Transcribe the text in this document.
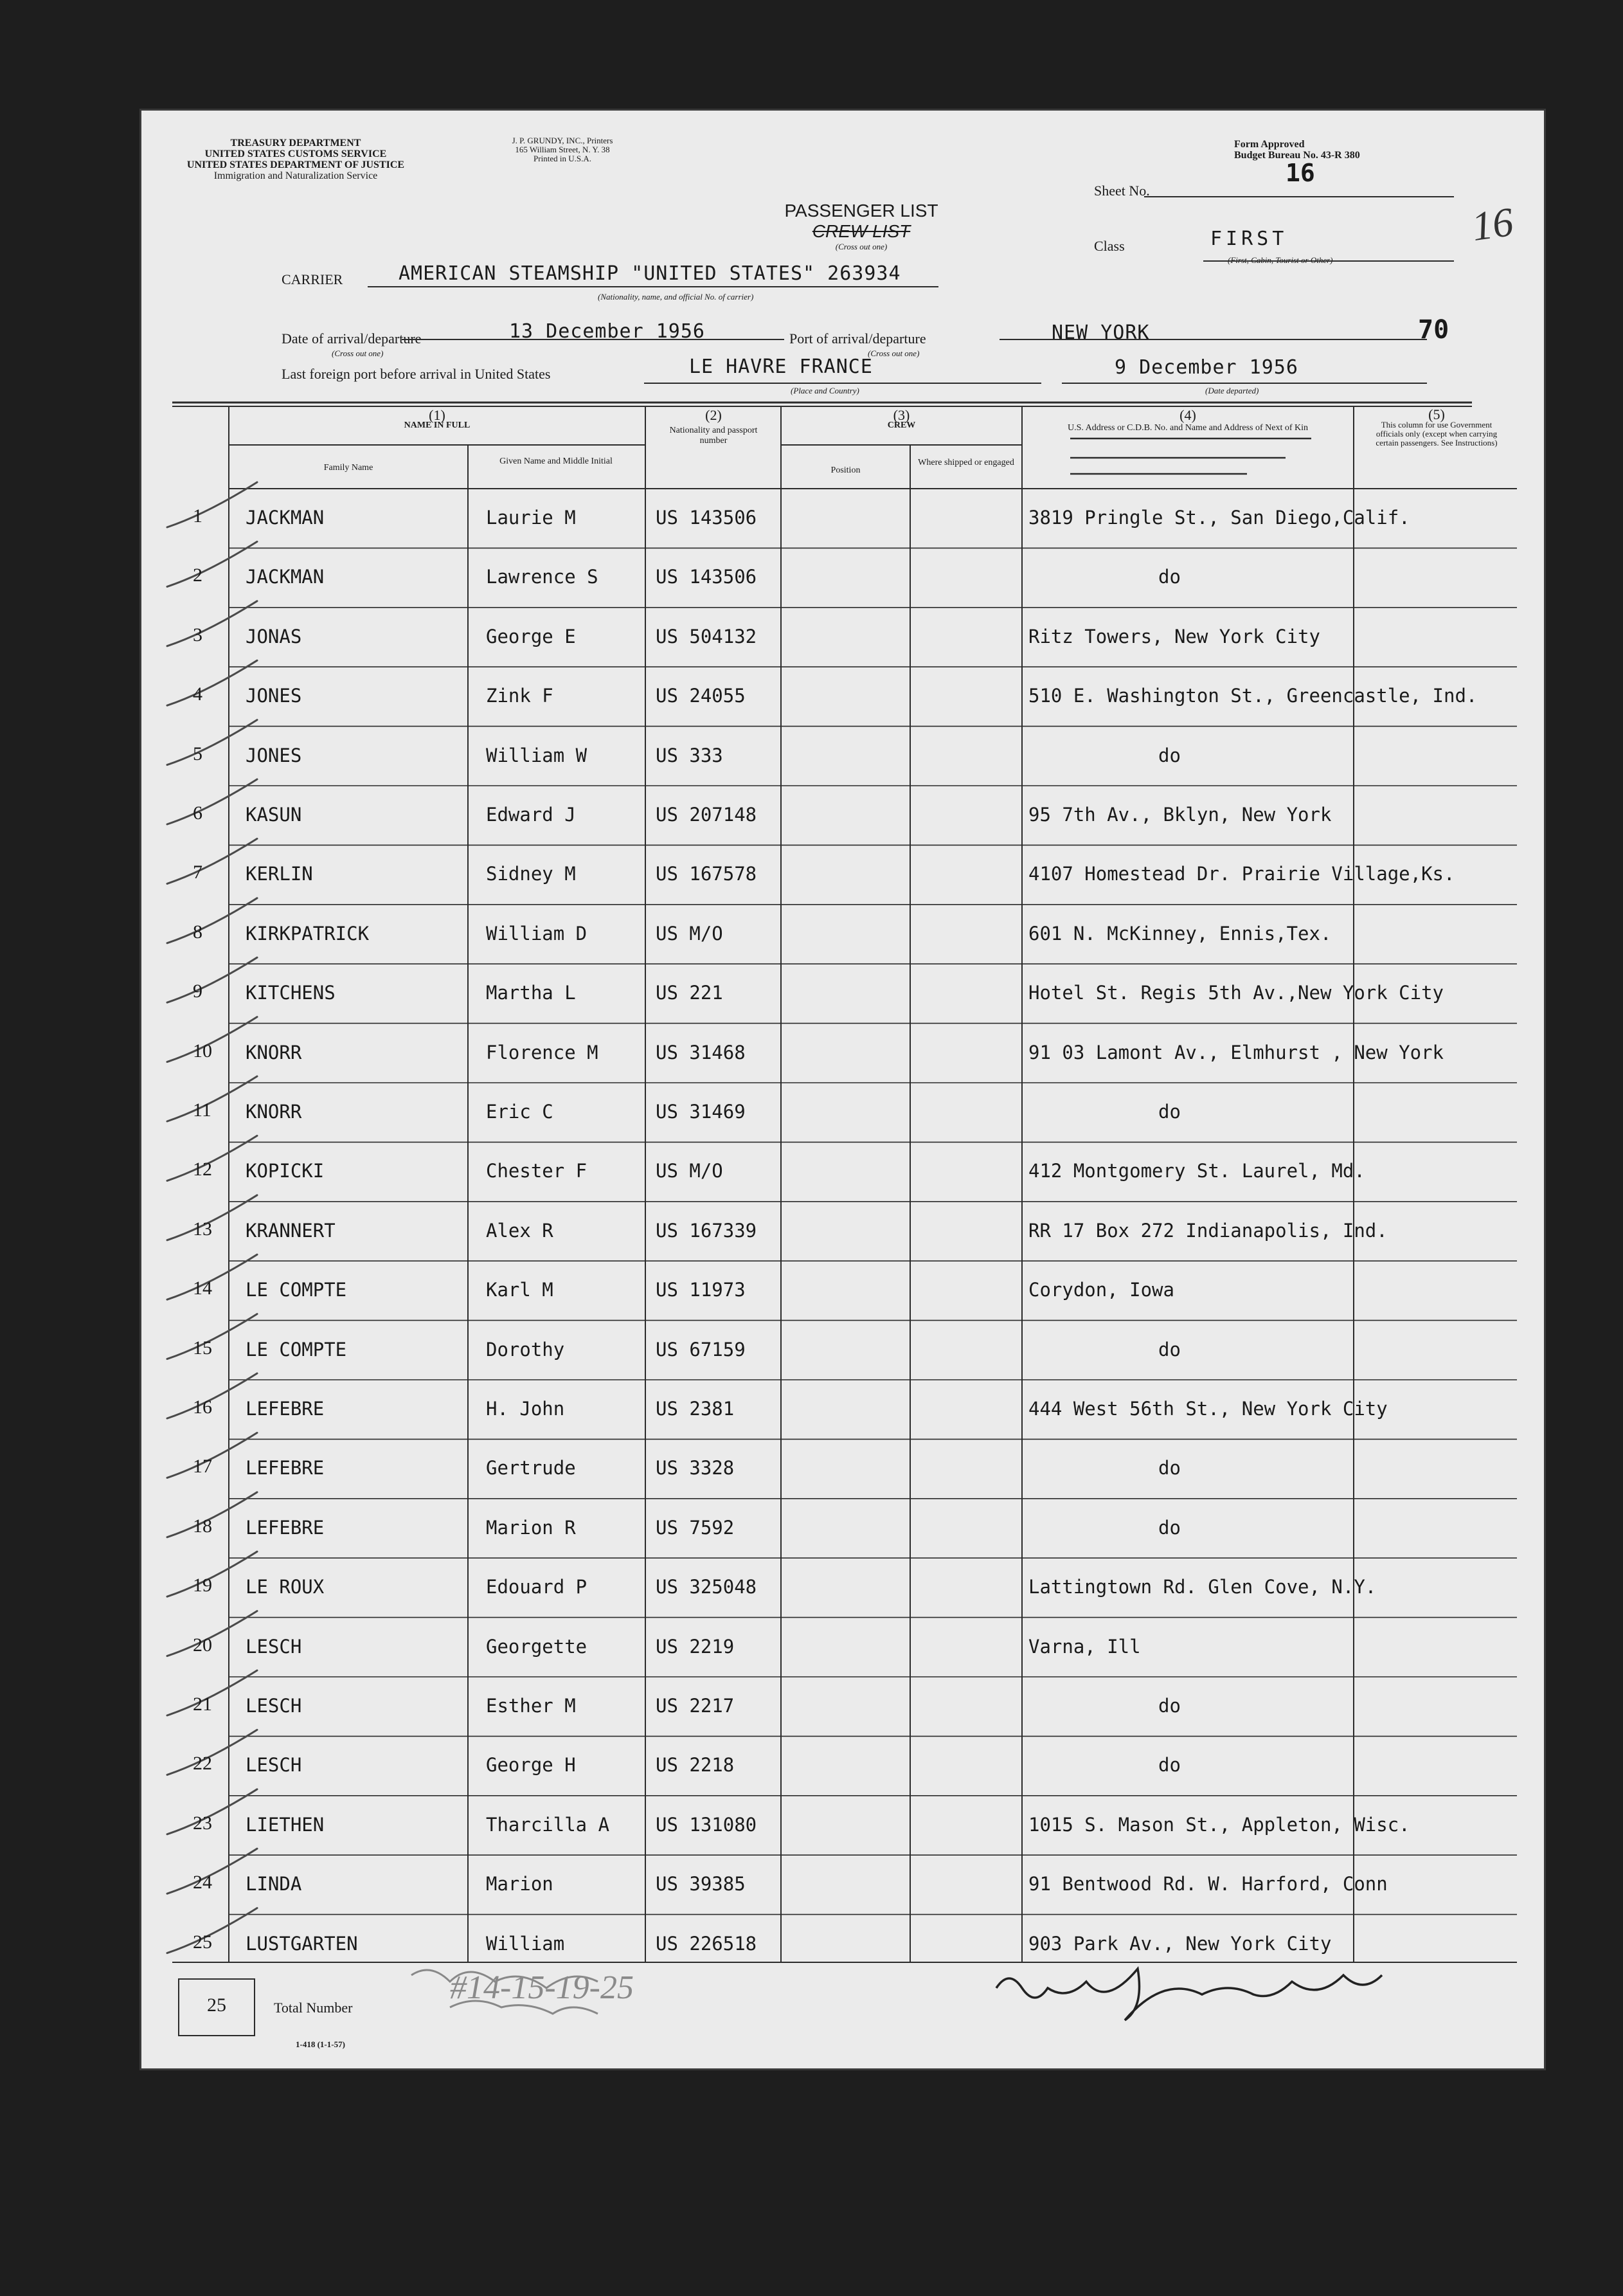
TREASURY DEPARTMENT
UNITED STATES CUSTOMS SERVICE
UNITED STATES DEPARTMENT OF JUSTICE
Immigration and Naturalization Service
J. P. GRUNDY, INC., Printers
165 William Street, N. Y. 38
Printed in U.S.A.
Form Approved
Budget Bureau No. 43-R 380
Sheet No.
16
16
PASSENGER LIST
CREW LIST
(Cross out one)	Class	FIRST
(First, Cabin, Tourist or Other)
CARRIER	AMERICAN STEAMSHIP "UNITED STATES" 263934
(Nationality, name, and official No. of carrier)
Date of arrival/departure
(Cross out one)
13 December 1956	Port of arrival/departure
(Cross out one)
NEW YORK	70
Last foreign port before arrival in United States	LE HAVRE FRANCE
(Place and Country)
9 December 1956
(Date departed)
(1)
NAME IN FULL
Family Name
Given Name and Middle Initial
(2)
Nationality and passport number
(3)
CREW
Position
Where shipped or engaged
(4)
U.S. Address or C.D.B. No. and Name and Address of Next of Kin
(5)
This column for use Government officials only (except when carrying certain passengers. See Instructions)
1 JACKMAN	Laurie M	US 143506	3819 Pringle St., San Diego,Calif.
2 JACKMAN	Lawrence S	US 143506	do
3 JONAS	George E	US 504132	Ritz Towers, New York City
4 JONES	Zink F	US 24055	510 E. Washington St., Greencastle, Ind.
5 JONES	William W	US 333	do
6 KASUN	Edward J	US 207148	95 7th Av., Bklyn, New York
7 KERLIN	Sidney M	US 167578	4107 Homestead Dr. Prairie Village,Ks.
8 KIRKPATRICK	William D	US M/O	601 N. McKinney, Ennis,Tex.
9 KITCHENS	Martha L	US 221	Hotel St. Regis 5th Av.,New York City
10 KNORR	Florence M	US 31468	91 03 Lamont Av., Elmhurst , New York
11 KNORR	Eric C	US 31469	do
12 KOPICKI	Chester F	US M/O	412 Montgomery St. Laurel, Md.
13 KRANNERT	Alex R	US 167339	RR 17 Box 272 Indianapolis, Ind.
14 LE COMPTE	Karl M	US 11973	Corydon, Iowa
15 LE COMPTE	Dorothy	US 67159	do
16 LEFEBRE	H. John	US 2381	444 West 56th St., New York City
17 LEFEBRE	Gertrude	US 3328	do
18 LEFEBRE	Marion R	US 7592	do
19 LE ROUX	Edouard P	US 325048	Lattingtown Rd. Glen Cove, N.Y.
20 LESCH	Georgette	US 2219	Varna, Ill
21 LESCH	Esther M	US 2217	do
22 LESCH	George H	US 2218	do
23 LIETHEN	Tharcilla A US 131080	1015 S. Mason St., Appleton, Wisc.
24 LINDA	Marion	US 39385	91 Bentwood Rd. W. Harford, Conn
25 LUSTGARTEN	William	US 226518	903 Park Av., New York City
25	Total Number
1-418 (1-1-57)
#14-15-19-25
